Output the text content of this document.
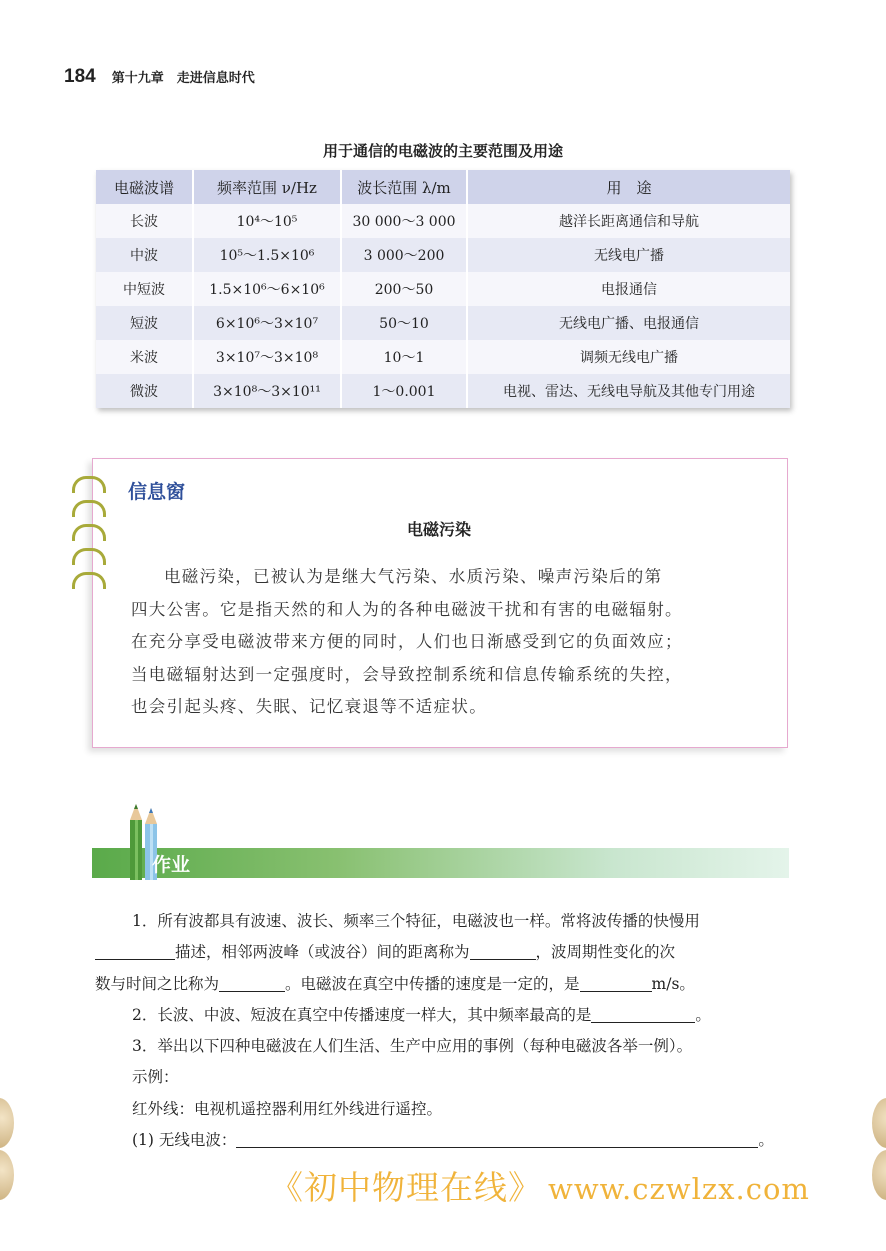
184 第十九章　走进信息时代
用于通信的电磁波的主要范围及用途
电磁波谱	频率范围 ν/Hz	波长范围 λ/m	用　途
长波	10⁴～10⁵	30 000～3 000	越洋长距离通信和导航
中波	10⁵～1.5×10⁶	3 000～200	无线电广播
中短波	1.5×10⁶～6×10⁶	200～50	电报通信
短波	6×10⁶～3×10⁷	50～10	无线电广播、电报通信
米波	3×10⁷～3×10⁸	10～1	调频无线电广播
微波	3×10⁸～3×10¹¹	1～0.001	电视、雷达、无线电导航及其他专门用途
信息窗
电磁污染

电磁污染，已被认为是继大气污染、水质污染、噪声污染后的第

四大公害。它是指天然的和人为的各种电磁波干扰和有害的电磁辐射。

在充分享受电磁波带来方便的同时，人们也日渐感受到它的负面效应；

当电磁辐射达到一定强度时，会导致控制系统和信息传输系统的失控，

也会引起头疼、失眠、记忆衰退等不适症状。

作业

1．所有波都具有波速、波长、频率三个特征，电磁波也一样。常将波传播的快慢用

描述，相邻两波峰（或波谷）间的距离称为	，波周期性变化的次

数与时间之比称为	。电磁波在真空中传播的速度是一定的，是	m/s。

2．长波、中波、短波在真空中传播速度一样大，其中频率最高的是	。

3．举出以下四种电磁波在人们生活、生产中应用的事例（每种电磁波各举一例）。

示例：

红外线：电视机遥控器利用红外线进行遥控。

(1) 无线电波：	。

《初中物理在线》 www.czwlzx.com
